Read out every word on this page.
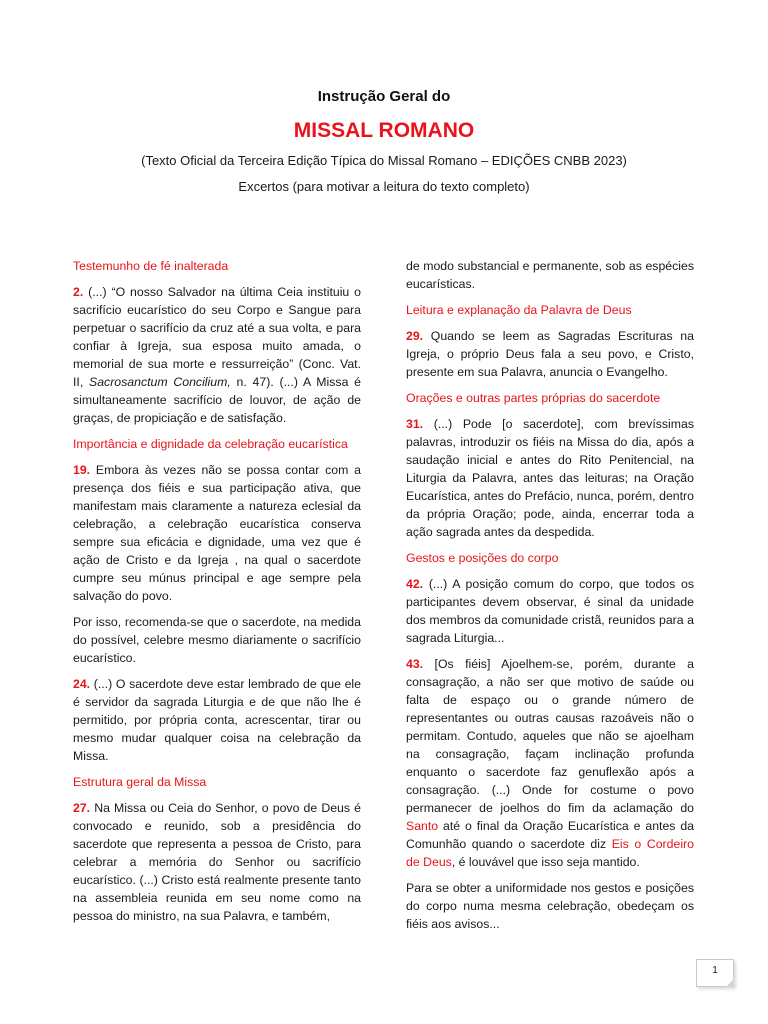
Instrução Geral do
MISSAL ROMANO
(Texto Oficial da Terceira Edição Típica do Missal Romano – EDIÇÕES CNBB 2023)
Excertos (para motivar a leitura do texto completo)
Testemunho de fé inalterada

2. (...) “O nosso Salvador na última Ceia instituiu o sacrifício eucarístico do seu Corpo e Sangue para perpetuar o sacrifício da cruz até a sua volta, e para confiar à Igreja, sua esposa muito amada, o memorial de sua morte e ressurreição” (Conc. Vat. II, Sacrosanctum Concilium, n. 47). (...) A Missa é simultaneamente sacrifício de louvor, de ação de graças, de propiciação e de satisfação.

Importância e dignidade da celebração eucarística

19. Embora às vezes não se possa contar com a presença dos fiéis e sua participação ativa, que manifestam mais claramente a natureza eclesial da celebração, a celebração eucarística conserva sempre sua eficácia e dignidade, uma vez que é ação de Cristo e da Igreja , na qual o sacerdote cumpre seu múnus principal e age sempre pela salvação do povo.

Por isso, recomenda-se que o sacerdote, na medida do possível, celebre mesmo diariamente o sacrifício eucarístico.

24. (...) O sacerdote deve estar lembrado de que ele é servidor da sagrada Liturgia e de que não lhe é permitido, por própria conta, acrescentar, tirar ou mesmo mudar qualquer coisa na celebração da Missa.

Estrutura geral da Missa

27. Na Missa ou Ceia do Senhor, o povo de Deus é convocado e reunido, sob a presidência do sacerdote que representa a pessoa de Cristo, para celebrar a memória do Senhor ou sacrifício eucarístico. (...) Cristo está realmente presente tanto na assembleia reunida em seu nome como na pessoa do ministro, na sua Palavra, e também,

de modo substancial e permanente, sob as espécies eucarísticas.

Leitura e explanação da Palavra de Deus

29. Quando se leem as Sagradas Escrituras na Igreja, o próprio Deus fala a seu povo, e Cristo, presente em sua Palavra, anuncia o Evangelho.

Orações e outras partes próprias do sacerdote

31. (...) Pode [o sacerdote], com brevíssimas palavras, introduzir os fiéis na Missa do dia, após a saudação inicial e antes do Rito Penitencial, na Liturgia da Palavra, antes das leituras; na Oração Eucarística, antes do Prefácio, nunca, porém, dentro da própria Oração; pode, ainda, encerrar toda a ação sagrada antes da despedida.

Gestos e posições do corpo

42. (...) A posição comum do corpo, que todos os participantes devem observar, é sinal da unidade dos membros da comunidade cristã, reunidos para a sagrada Liturgia...

43. [Os fiéis] Ajoelhem-se, porém, durante a consagração, a não ser que motivo de saúde ou falta de espaço ou o grande número de representantes ou outras causas razoáveis não o permitam. Contudo, aqueles que não se ajoelham na consagração, façam inclinação profunda enquanto o sacerdote faz genuflexão após a consagração. (...) Onde for costume o povo permanecer de joelhos do fim da aclamação do Santo até o final da Oração Eucarística e antes da Comunhão quando o sacerdote diz Eis o Cordeiro de Deus, é louvável que isso seja mantido.

Para se obter a uniformidade nos gestos e posições do corpo numa mesma celebração, obedeçam os fiéis aos avisos...

1
